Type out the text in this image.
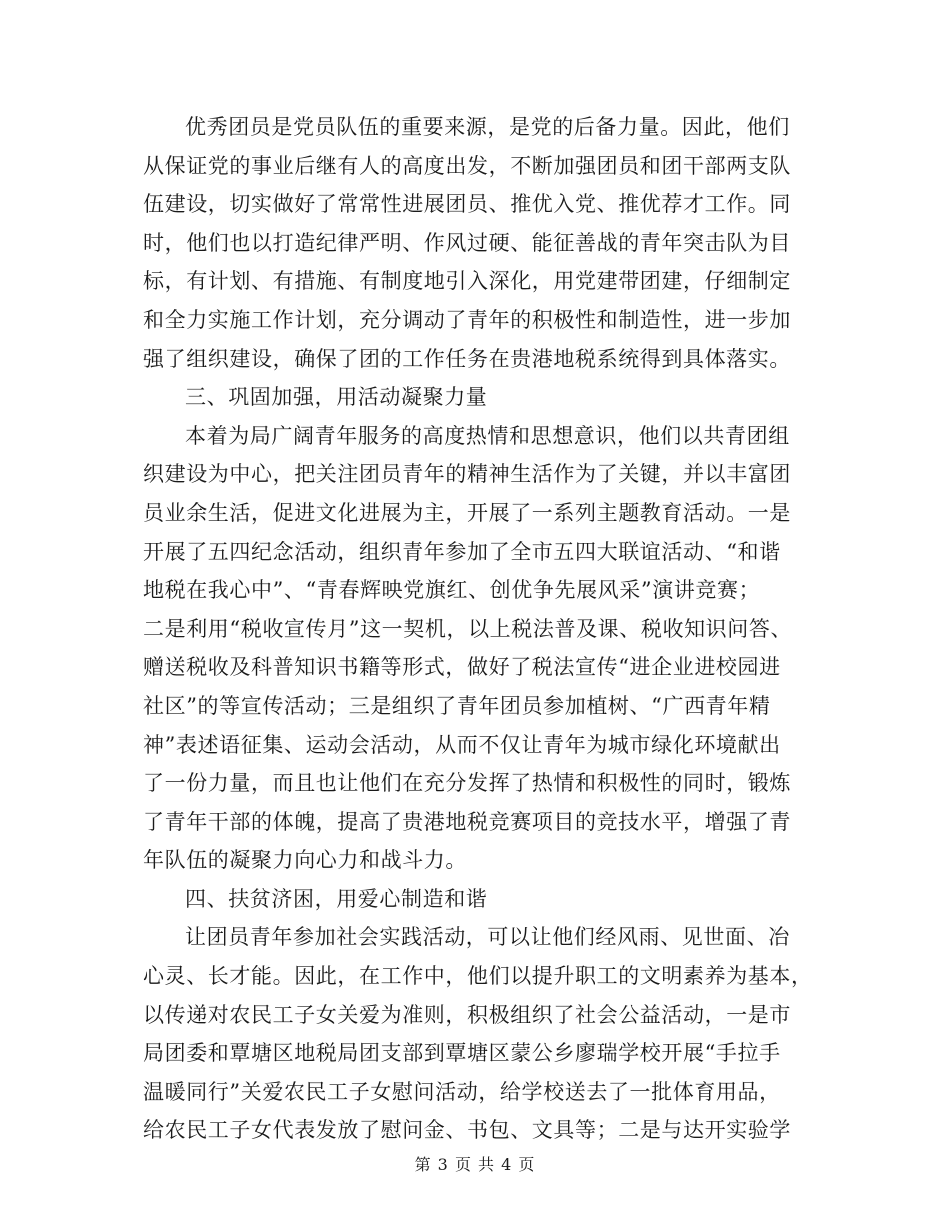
优秀团员是党员队伍的重要来源，是党的后备力量。因此，他们
从保证党的事业后继有人的高度出发，不断加强团员和团干部两支队
伍建设，切实做好了常常性进展团员、推优入党、推优荐才工作。同
时，他们也以打造纪律严明、作风过硬、能征善战的青年突击队为目
标，有计划、有措施、有制度地引入深化，用党建带团建，仔细制定
和全力实施工作计划，充分调动了青年的积极性和制造性，进一步加
强了组织建设，确保了团的工作任务在贵港地税系统得到具体落实。
三、巩固加强，用活动凝聚力量
本着为局广阔青年服务的高度热情和思想意识，他们以共青团组
织建设为中心，把关注团员青年的精神生活作为了关键，并以丰富团
员业余生活，促进文化进展为主，开展了一系列主题教育活动。一是
开展了五四纪念活动，组织青年参加了全市五四大联谊活动、“和谐
地税在我心中”、“青春辉映党旗红、创优争先展风采”演讲竞赛；
二是利用“税收宣传月”这一契机，以上税法普及课、税收知识问答、
赠送税收及科普知识书籍等形式，做好了税法宣传“进企业进校园进
社区”的等宣传活动；三是组织了青年团员参加植树、“广西青年精
神”表述语征集、运动会活动，从而不仅让青年为城市绿化环境献出
了一份力量，而且也让他们在充分发挥了热情和积极性的同时，锻炼
了青年干部的体魄，提高了贵港地税竞赛项目的竞技水平，增强了青
年队伍的凝聚力向心力和战斗力。
四、扶贫济困，用爱心制造和谐
让团员青年参加社会实践活动，可以让他们经风雨、见世面、冶
心灵、长才能。因此，在工作中，他们以提升职工的文明素养为基本，
以传递对农民工子女关爱为准则，积极组织了社会公益活动，一是市
局团委和覃塘区地税局团支部到覃塘区蒙公乡廖瑞学校开展“手拉手
温暖同行”关爱农民工子女慰问活动，给学校送去了一批体育用品，
给农民工子女代表发放了慰问金、书包、文具等；二是与达开实验学
第 3 页 共 4 页
